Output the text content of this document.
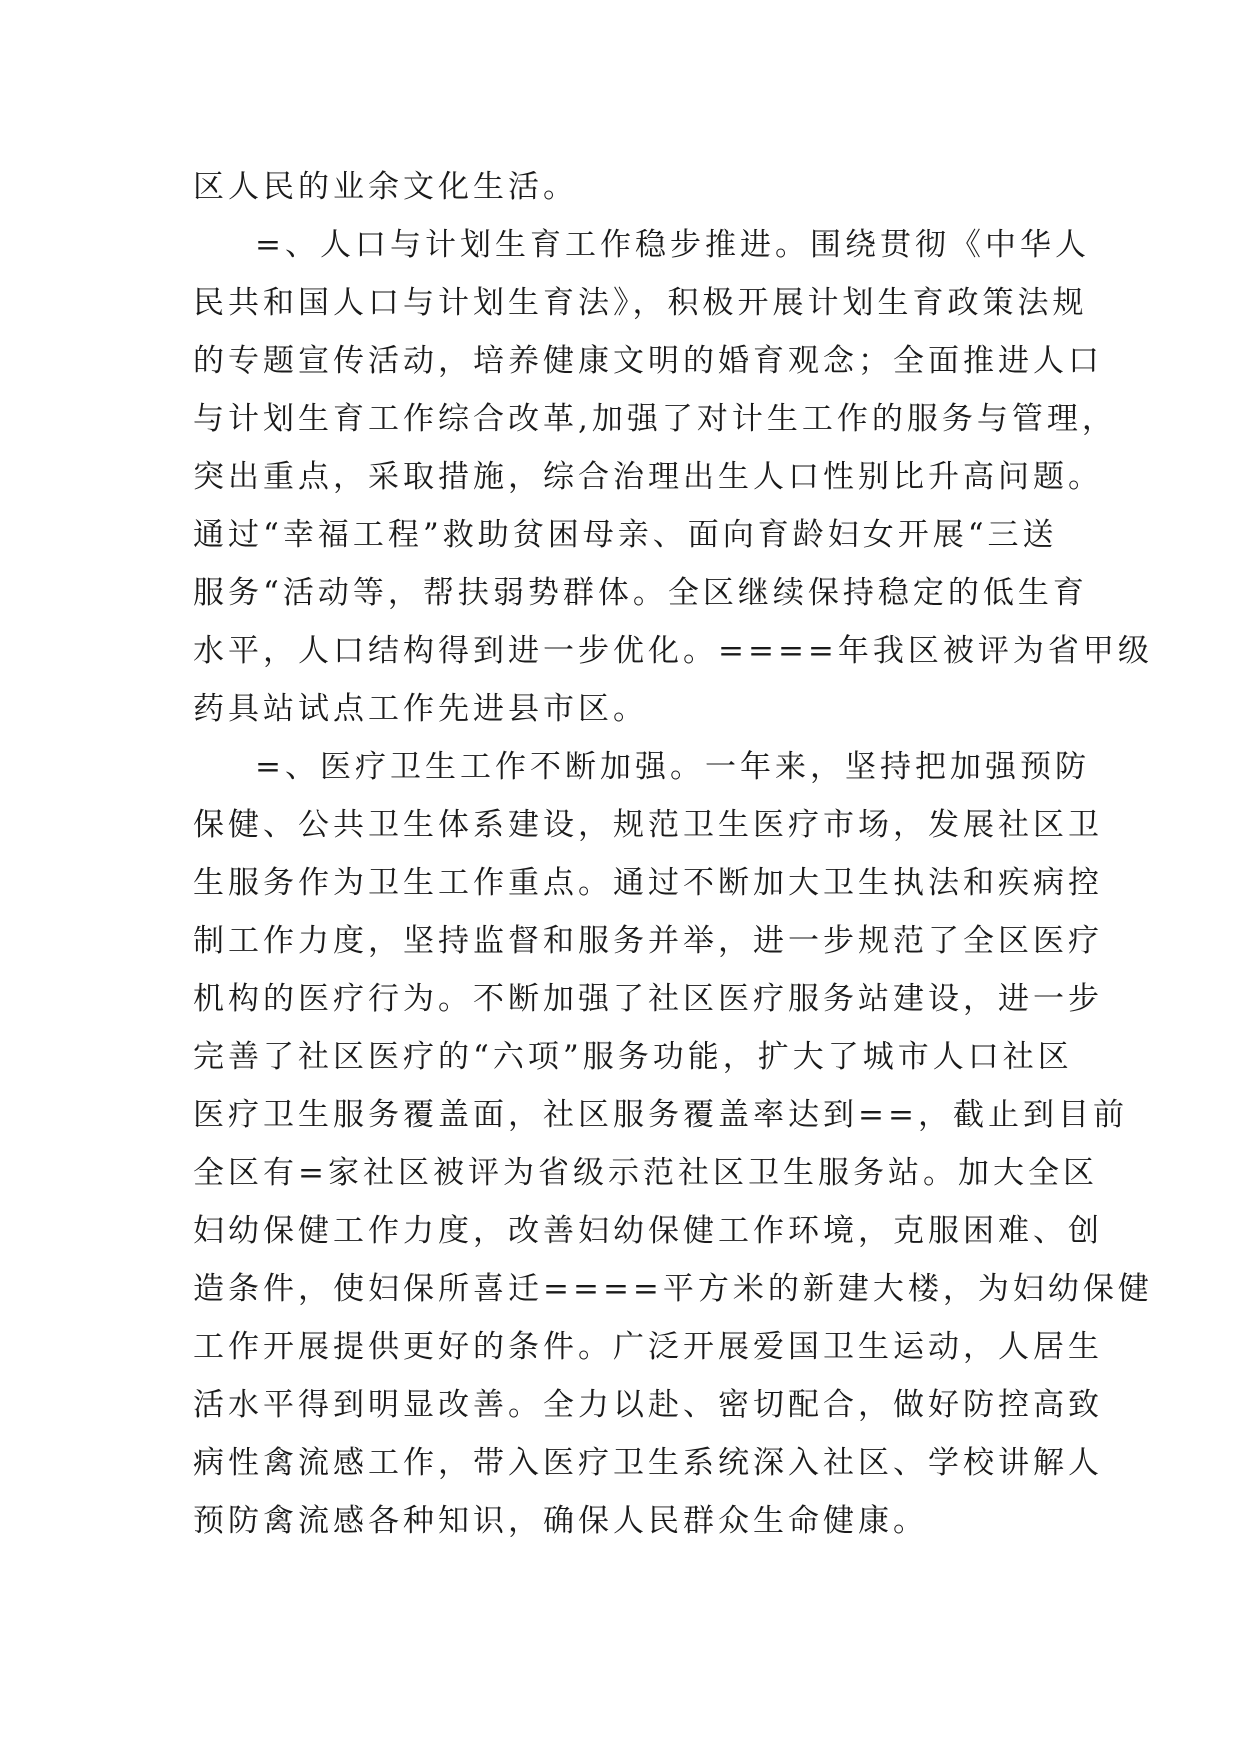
区人民的业余文化生活。
=、人口与计划生育工作稳步推进。围绕贯彻《中华人
民共和国人口与计划生育法》，积极开展计划生育政策法规
的专题宣传活动，培养健康文明的婚育观念；全面推进人口
与计划生育工作综合改革,加强了对计生工作的服务与管理，
突出重点，采取措施，综合治理出生人口性别比升高问题。
通过“幸福工程”救助贫困母亲、面向育龄妇女开展“三送
服务“活动等，帮扶弱势群体。全区继续保持稳定的低生育
水平，人口结构得到进一步优化。====年我区被评为省甲级
药具站试点工作先进县市区。
=、医疗卫生工作不断加强。一年来，坚持把加强预防
保健、公共卫生体系建设，规范卫生医疗市场，发展社区卫
生服务作为卫生工作重点。通过不断加大卫生执法和疾病控
制工作力度，坚持监督和服务并举，进一步规范了全区医疗
机构的医疗行为。不断加强了社区医疗服务站建设，进一步
完善了社区医疗的“六项”服务功能，扩大了城市人口社区
医疗卫生服务覆盖面，社区服务覆盖率达到==，截止到目前
全区有=家社区被评为省级示范社区卫生服务站。加大全区
妇幼保健工作力度，改善妇幼保健工作环境，克服困难、创
造条件，使妇保所喜迁====平方米的新建大楼，为妇幼保健
工作开展提供更好的条件。广泛开展爱国卫生运动，人居生
活水平得到明显改善。全力以赴、密切配合，做好防控高致
病性禽流感工作，带入医疗卫生系统深入社区、学校讲解人
预防禽流感各种知识，确保人民群众生命健康。
